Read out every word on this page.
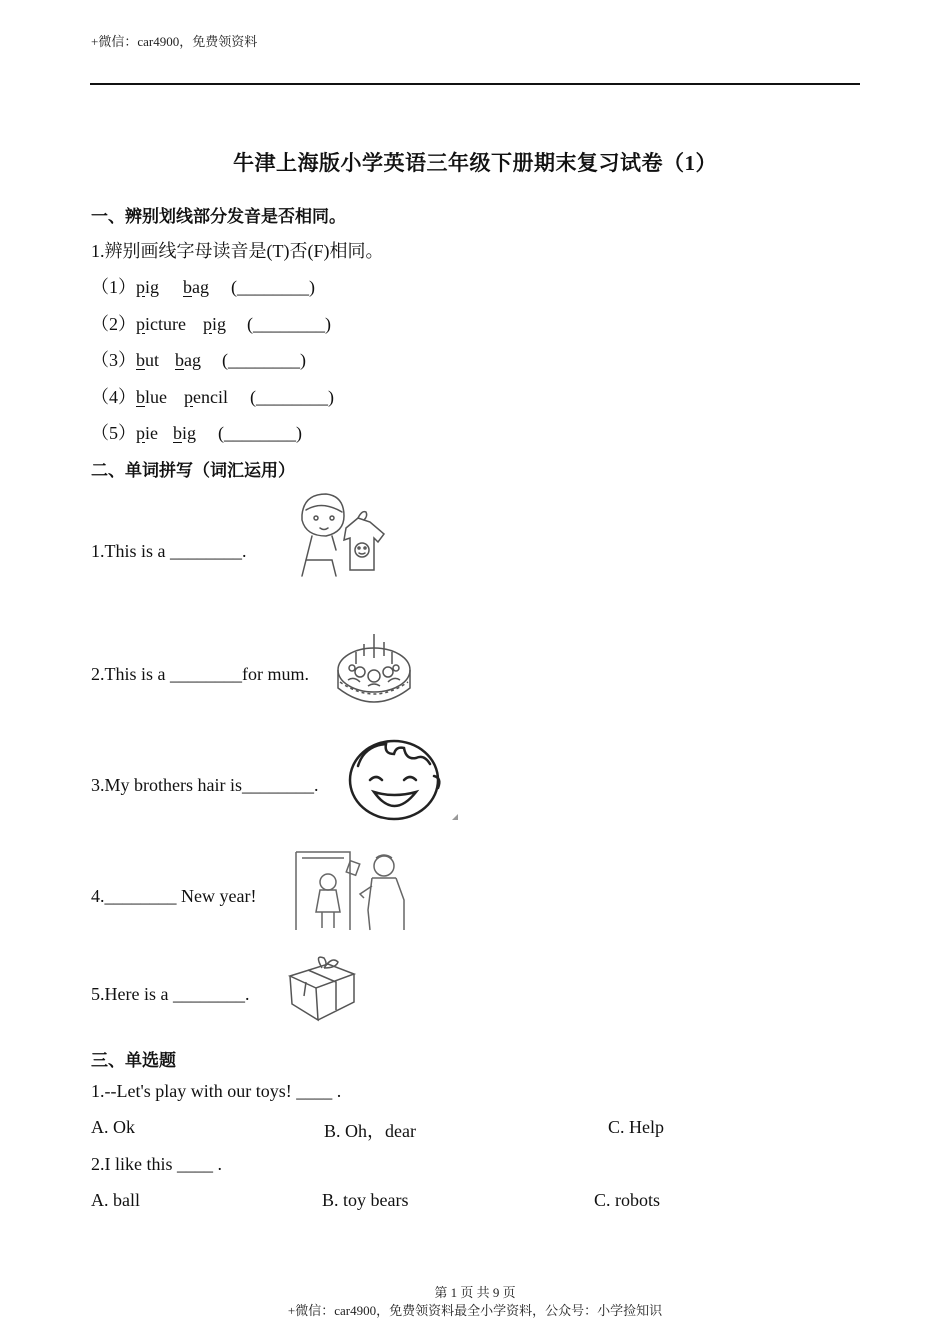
+微信：car4900，免费领资料
牛津上海版小学英语三年级下册期末复习试卷（1）
一、辨别划线部分发音是否相同。
1.辨别画线字母读音是(T)否(F)相同。
（1）pig bag (________)
（2）picture pig (________)
（3）but bag (________)
（4）blue pencil (________)
（5）pie big (________)
二、单词拼写（词汇运用）
1.This is a ________.
2.This is a ________for mum.
3.My brothers hair is________.
4.________ New year!
5.Here is a ________.
三、单选题
1.--Let's play with our toys! ____ .
A. Ok	B. Oh，dear	C. Help
2.I like this ____ .
A. ball	B. toy bears	C. robots
第 1 页 共 9 页
+微信：car4900，免费领资料最全小学资料，公众号：小学捡知识
